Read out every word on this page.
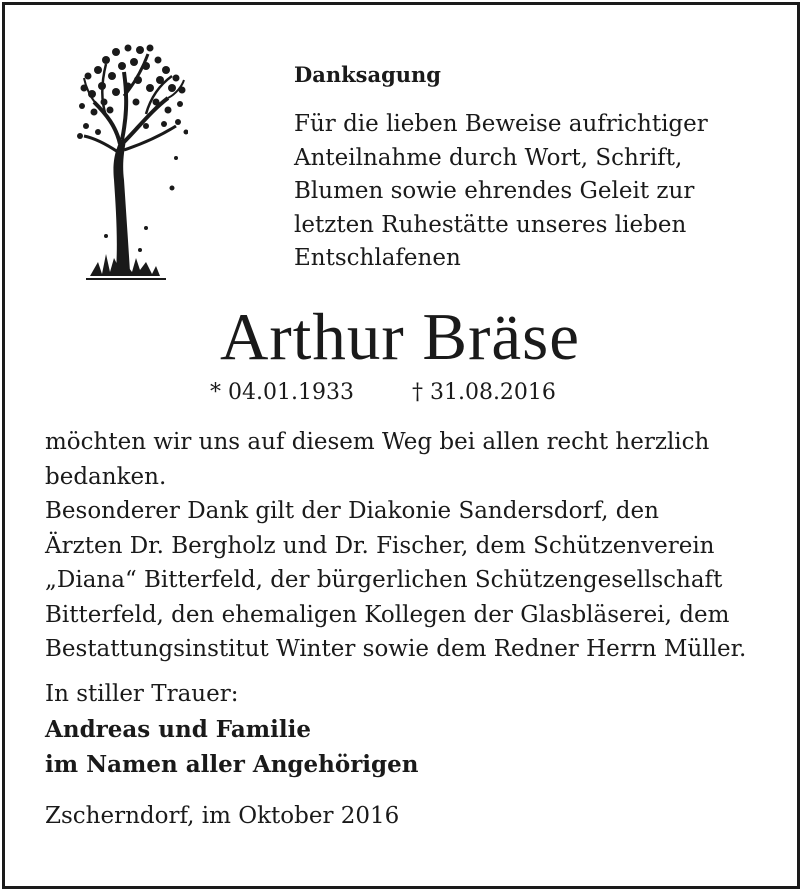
Danksagung
Für die lieben Beweise aufrichtiger
Anteilnahme durch Wort, Schrift,
Blumen sowie ehrendes Geleit zur
letzten Ruhestätte unseres lieben
Entschlafenen
Arthur Bräse
* 04.01.1933	† 31.08.2016
möchten wir uns auf diesem Weg bei allen recht herzlich
bedanken.
Besonderer Dank gilt der Diakonie Sandersdorf, den
Ärzten Dr. Bergholz und Dr. Fischer, dem Schützenverein
„Diana“ Bitterfeld, der bürgerlichen Schützengesellschaft
Bitterfeld, den ehemaligen Kollegen der Glasbläserei, dem
Bestattungsinstitut Winter sowie dem Redner Herrn Müller.
In stiller Trauer:
Andreas und Familie
im Namen aller Angehörigen
Zscherndorf, im Oktober 2016
